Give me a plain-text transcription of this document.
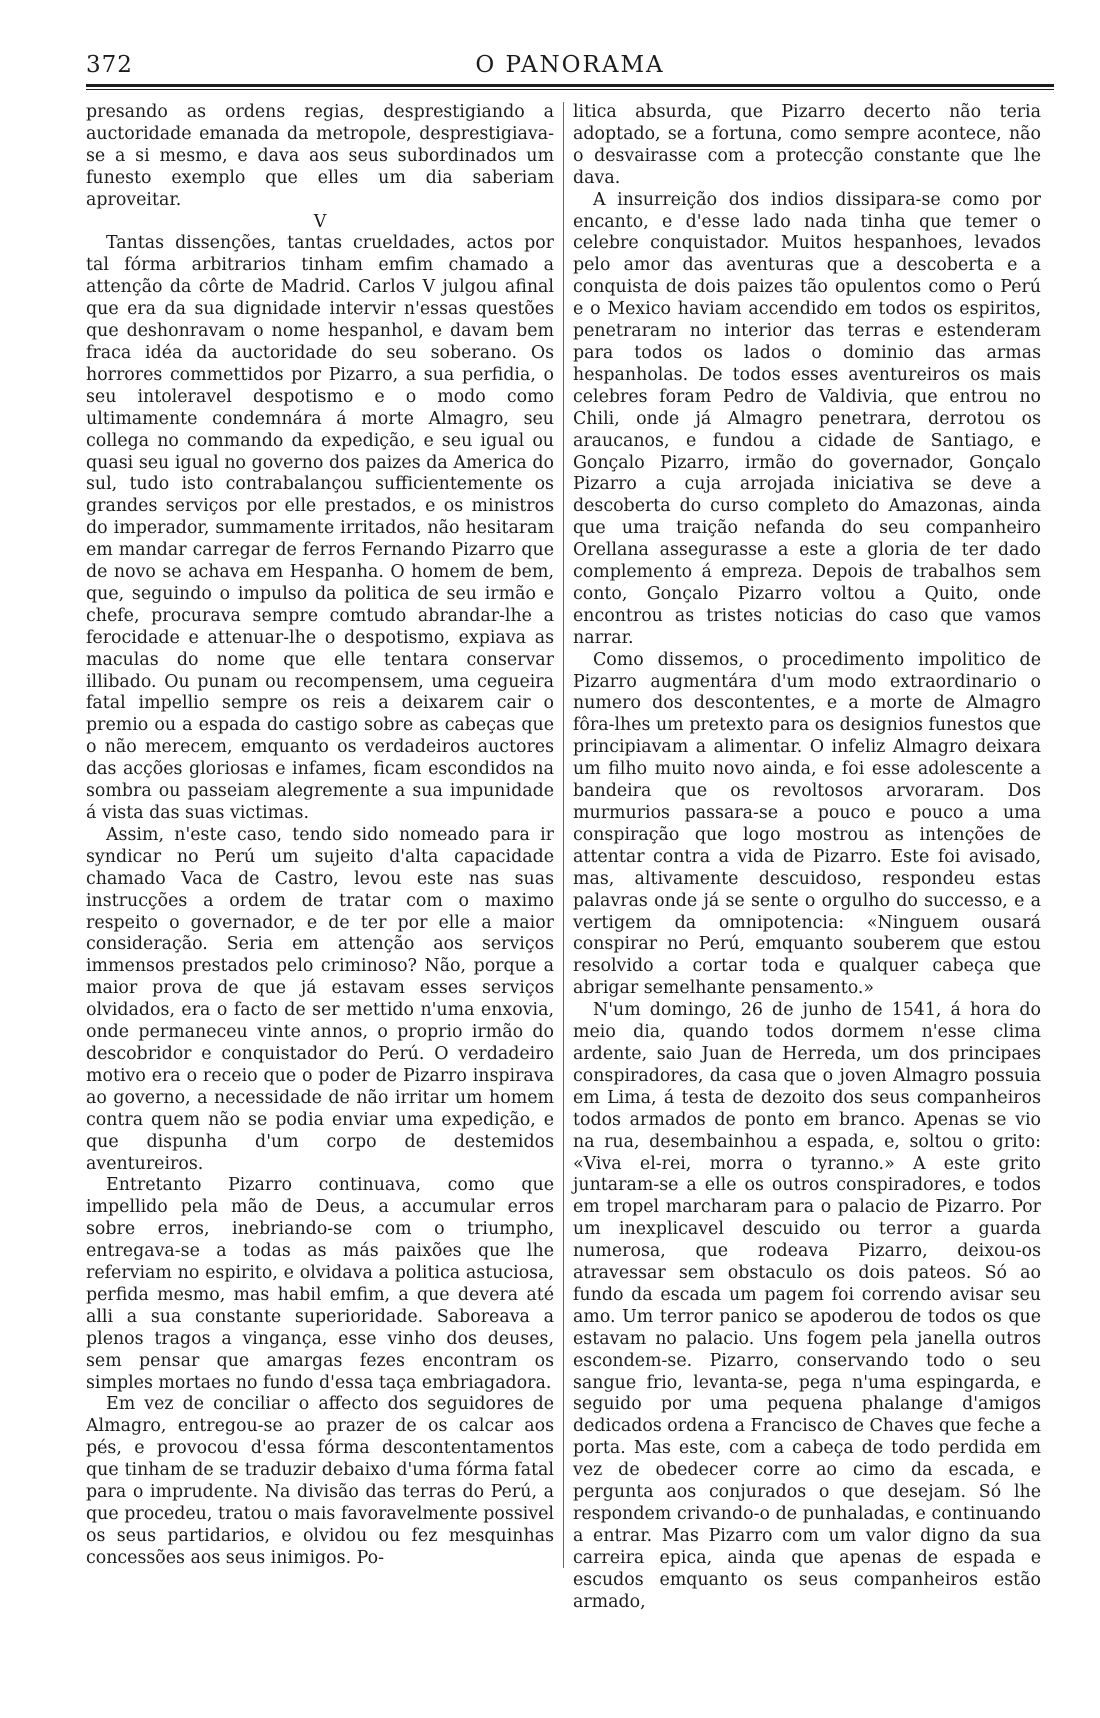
372	O PANORAMA

presando as ordens regias, desprestigiando a auctoridade emanada da metropole, desprestigiava-se a si mesmo, e dava aos seus subordinados um funesto exemplo que elles um dia saberiam aproveitar.

V

Tantas dissenções, tantas crueldades, actos por tal fórma arbitrarios tinham emfim chamado a attenção da côrte de Madrid. Carlos V julgou afinal que era da sua dignidade intervir n'essas questões que deshonravam o nome hespanhol, e davam bem fraca idéa da auctoridade do seu soberano. Os horrores commettidos por Pizarro, a sua perfidia, o seu intoleravel despotismo e o modo como ultimamente condemnára á morte Almagro, seu collega no commando da expedição, e seu igual ou quasi seu igual no governo dos paizes da America do sul, tudo isto contrabalançou sufficientemente os grandes serviços por elle prestados, e os ministros do imperador, summamente irritados, não hesitaram em mandar carregar de ferros Fernando Pizarro que de novo se achava em Hespanha. O homem de bem, que, seguindo o impulso da politica de seu irmão e chefe, procurava sempre comtudo abrandar-lhe a ferocidade e attenuar-lhe o despotismo, expiava as maculas do nome que elle tentara conservar illibado. Ou punam ou recompensem, uma cegueira fatal impellio sempre os reis a deixarem cair o premio ou a espada do castigo sobre as cabeças que o não merecem, emquanto os verdadeiros auctores das acções gloriosas e infames, ficam escondidos na sombra ou passeiam alegremente a sua impunidade á vista das suas victimas.

Assim, n'este caso, tendo sido nomeado para ir syndicar no Perú um sujeito d'alta capacidade chamado Vaca de Castro, levou este nas suas instrucções a ordem de tratar com o maximo respeito o governador, e de ter por elle a maior consideração. Seria em attenção aos serviços immensos prestados pelo criminoso? Não, porque a maior prova de que já estavam esses serviços olvidados, era o facto de ser mettido n'uma enxovia, onde permaneceu vinte annos, o proprio irmão do descobridor e conquistador do Perú. O verdadeiro motivo era o receio que o poder de Pizarro inspirava ao governo, a necessidade de não irritar um homem contra quem não se podia enviar uma expedição, e que dispunha d'um corpo de destemidos aventureiros.

Entretanto Pizarro continuava, como que impellido pela mão de Deus, a accumular erros sobre erros, inebriando-se com o triumpho, entregava-se a todas as más paixões que lhe referviam no espirito, e olvidava a politica astuciosa, perfida mesmo, mas habil emfim, a que devera até alli a sua constante superioridade. Saboreava a plenos tragos a vingança, esse vinho dos deuses, sem pensar que amargas fezes encontram os simples mortaes no fundo d'essa taça embriagadora.

Em vez de conciliar o affecto dos seguidores de Almagro, entregou-se ao prazer de os calcar aos pés, e provocou d'essa fórma descontentamentos que tinham de se traduzir debaixo d'uma fórma fatal para o imprudente. Na divisão das terras do Perú, a que procedeu, tratou o mais favoravelmente possivel os seus partidarios, e olvidou ou fez mesquinhas concessões aos seus inimigos. Po-

litica absurda, que Pizarro decerto não teria adoptado, se a fortuna, como sempre acontece, não o desvairasse com a protecção constante que lhe dava.

A insurreição dos indios dissipara-se como por encanto, e d'esse lado nada tinha que temer o celebre conquistador. Muitos hespanhoes, levados pelo amor das aventuras que a descoberta e a conquista de dois paizes tão opulentos como o Perú e o Mexico haviam accendido em todos os espiritos, penetraram no interior das terras e estenderam para todos os lados o dominio das armas hespanholas. De todos esses aventureiros os mais celebres foram Pedro de Valdivia, que entrou no Chili, onde já Almagro penetrara, derrotou os araucanos, e fundou a cidade de Santiago, e Gonçalo Pizarro, irmão do governador, Gonçalo Pizarro a cuja arrojada iniciativa se deve a descoberta do curso completo do Amazonas, ainda que uma traição nefanda do seu companheiro Orellana assegurasse a este a gloria de ter dado complemento á empreza. Depois de trabalhos sem conto, Gonçalo Pizarro voltou a Quito, onde encontrou as tristes noticias do caso que vamos narrar.

Como dissemos, o procedimento impolitico de Pizarro augmentára d'um modo extraordinario o numero dos descontentes, e a morte de Almagro fôra-lhes um pretexto para os designios funestos que principiavam a alimentar. O infeliz Almagro deixara um filho muito novo ainda, e foi esse adolescente a bandeira que os revoltosos arvoraram. Dos murmurios passara-se a pouco e pouco a uma conspiração que logo mostrou as intenções de attentar contra a vida de Pizarro. Este foi avisado, mas, altivamente descuidoso, respondeu estas palavras onde já se sente o orgulho do successo, e a vertigem da omnipotencia: «Ninguem ousará conspirar no Perú, emquanto souberem que estou resolvido a cortar toda e qualquer cabeça que abrigar semelhante pensamento.»

N'um domingo, 26 de junho de 1541, á hora do meio dia, quando todos dormem n'esse clima ardente, saio Juan de Herreda, um dos principaes conspiradores, da casa que o joven Almagro possuia em Lima, á testa de dezoito dos seus companheiros todos armados de ponto em branco. Apenas se vio na rua, desembainhou a espada, e, soltou o grito: «Viva el-rei, morra o tyranno.» A este grito juntaram-se a elle os outros conspiradores, e todos em tropel marcharam para o palacio de Pizarro. Por um inexplicavel descuido ou terror a guarda numerosa, que rodeava Pizarro, deixou-os atravessar sem obstaculo os dois pateos. Só ao fundo da escada um pagem foi correndo avisar seu amo. Um terror panico se apoderou de todos os que estavam no palacio. Uns fogem pela janella outros escondem-se. Pizarro, conservando todo o seu sangue frio, levanta-se, pega n'uma espingarda, e seguido por uma pequena phalange d'amigos dedicados ordena a Francisco de Chaves que feche a porta. Mas este, com a cabeça de todo perdida em vez de obedecer corre ao cimo da escada, e pergunta aos conjurados o que desejam. Só lhe respondem crivando-o de punhaladas, e continuando a entrar. Mas Pizarro com um valor digno da sua carreira epica, ainda que apenas de espada e escudos emquanto os seus companheiros estão armado,
